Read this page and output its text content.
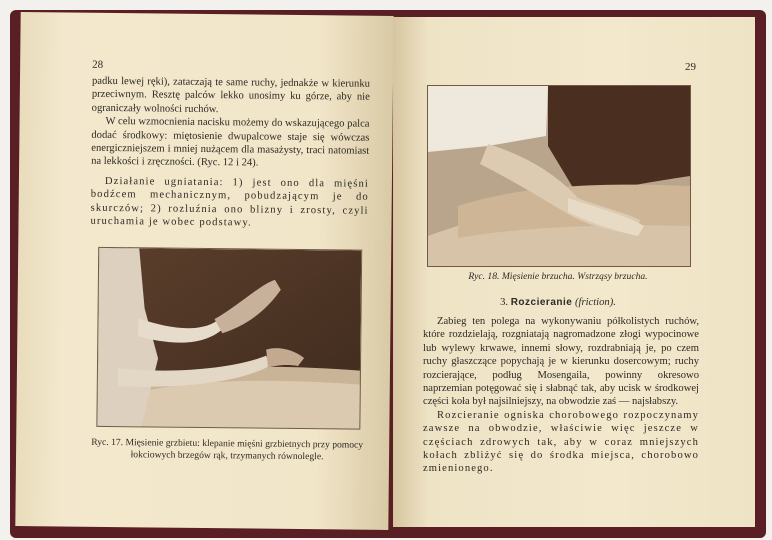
28

padku lewej ręki), zataczają te same ruchy, jednakże w kierunku przeciwnym. Resztę palców lekko unosimy ku górze, aby nie ograniczały wolności ruchów.

W celu wzmocnienia nacisku możemy do wskazującego palca dodać środkowy: miętosienie dwupalcowe staje się wówczas energiczniejszem i mniej nużącem dla masażysty, traci natomiast na lekkości i zręczności. (Ryc. 12 i 24).

Działanie ugniatania: 1) jest ono dla mięśni bodźcem mechanicznym, pobudzającym je do skurczów; 2) rozluźnia ono blizny i zrosty, czyli uruchamia je wobec podstawy.

Ryc. 17. Mięsienie grzbietu: klepanie mięśni grzbietnych przy pomocy łokciowych brzegów rąk, trzymanych równolegle.
29
Ryc. 18. Mięsienie brzucha. Wstrząsy brzucha.
3. Rozcieranie (friction).

Zabieg ten polega na wykonywaniu półkolistych ruchów, które rozdzielają, rozgniatają nagromadzone złogi wypocinowe lub wylewy krwawe, innemi słowy, rozdrabniają je, po czem ruchy głaszczące popychają je w kierunku dosercowym; ruchy rozcierające, podług Mosengaila, powinny okresowo naprzemian potęgować się i słabnąć tak, aby ucisk w środkowej części koła był najsilniejszy, na obwodzie zaś — najsłabszy.

Rozcieranie ogniska chorobowego rozpoczynamy zawsze na obwodzie, właściwie więc jeszcze w częściach zdrowych tak, aby w coraz mniejszych kołach zbliżyć się do środka miejsca, chorobowo zmienionego.
